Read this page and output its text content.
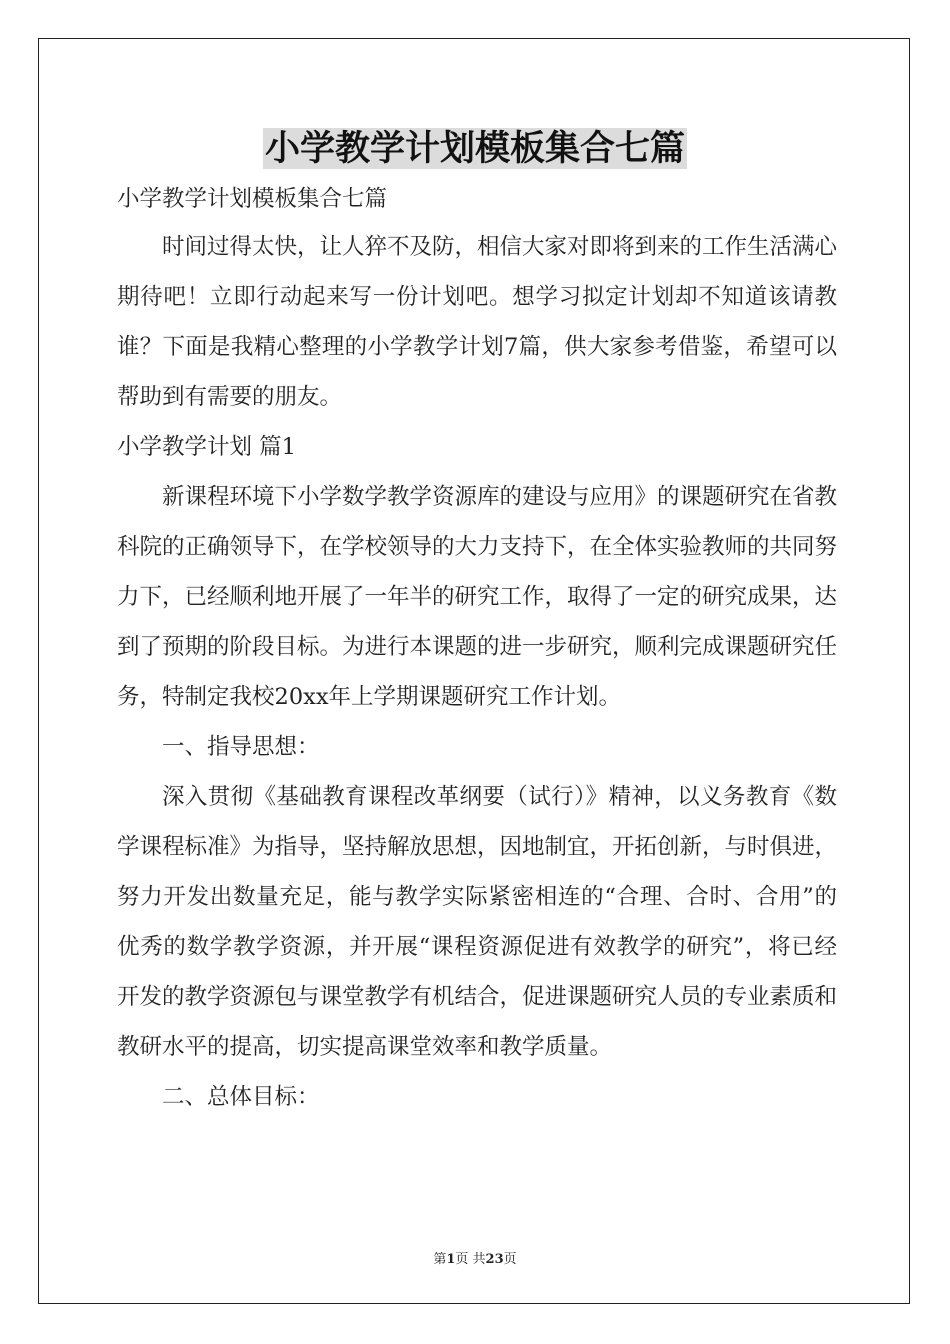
小学教学计划模板集合七篇

小学教学计划模板集合七篇

时间过得太快，让人猝不及防，相信大家对即将到来的工作生活满心期待吧！立即行动起来写一份计划吧。想学习拟定计划却不知道该请教谁？下面是我精心整理的小学教学计划7篇，供大家参考借鉴，希望可以帮助到有需要的朋友。

小学教学计划 篇1

新课程环境下小学数学教学资源库的建设与应用》的课题研究在省教科院的正确领导下，在学校领导的大力支持下，在全体实验教师的共同努力下，已经顺利地开展了一年半的研究工作，取得了一定的研究成果，达到了预期的阶段目标。为进行本课题的进一步研究，顺利完成课题研究任务，特制定我校20xx年上学期课题研究工作计划。

一、指导思想：

深入贯彻《基础教育课程改革纲要（试行）》精神，以义务教育《数学课程标准》为指导，坚持解放思想，因地制宜，开拓创新，与时俱进，努力开发出数量充足，能与教学实际紧密相连的“合理、合时、合用”的优秀的数学教学资源，并开展“课程资源促进有效教学的研究”，将已经开发的教学资源包与课堂教学有机结合，促进课题研究人员的专业素质和教研水平的提高，切实提高课堂效率和教学质量。

二、总体目标：

第1页 共23页
